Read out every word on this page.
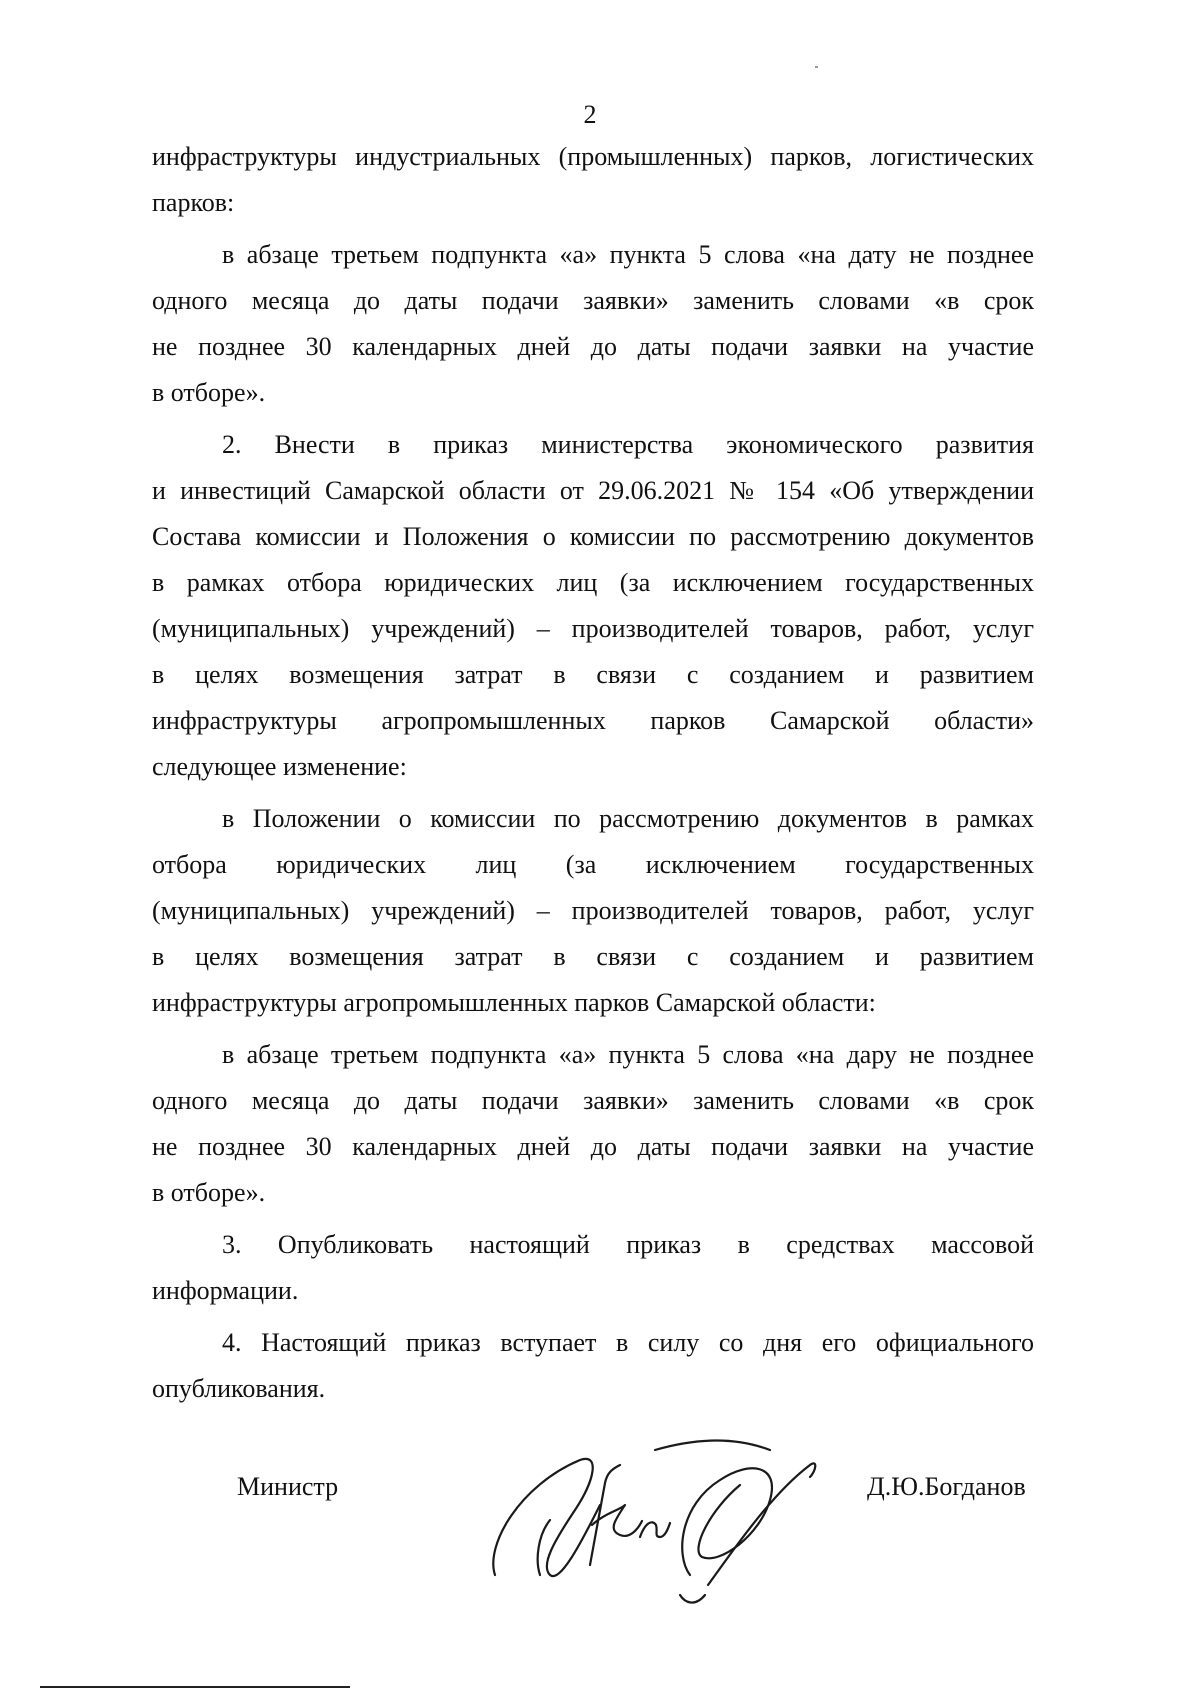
2
инфраструктуры индустриальных (промышленных) парков, логистических
парков:
в абзаце третьем подпункта «а» пункта 5 слова «на дату не позднее
одного месяца до даты подачи заявки» заменить словами «в срок
не позднее 30 календарных дней до даты подачи заявки на участие
в отборе».
2. Внести в приказ министерства экономического развития
и инвестиций Самарской области от 29.06.2021 № 154 «Об утверждении
Состава комиссии и Положения о комиссии по рассмотрению документов
в рамках отбора юридических лиц (за исключением государственных
(муниципальных) учреждений) – производителей товаров, работ, услуг
в целях возмещения затрат в связи с созданием и развитием
инфраструктуры агропромышленных парков Самарской области»
следующее изменение:
в Положении о комиссии по рассмотрению документов в рамках
отбора юридических лиц (за исключением государственных
(муниципальных) учреждений) – производителей товаров, работ, услуг
в целях возмещения затрат в связи с созданием и развитием
инфраструктуры агропромышленных парков Самарской области:
в абзаце третьем подпункта «а» пункта 5 слова «на дару не позднее
одного месяца до даты подачи заявки» заменить словами «в срок
не позднее 30 календарных дней до даты подачи заявки на участие
в отборе».
3. Опубликовать настоящий приказ в средствах массовой
информации.
4. Настоящий приказ вступает в силу со дня его официального
опубликования.
Министр	Д.Ю.Богданов
